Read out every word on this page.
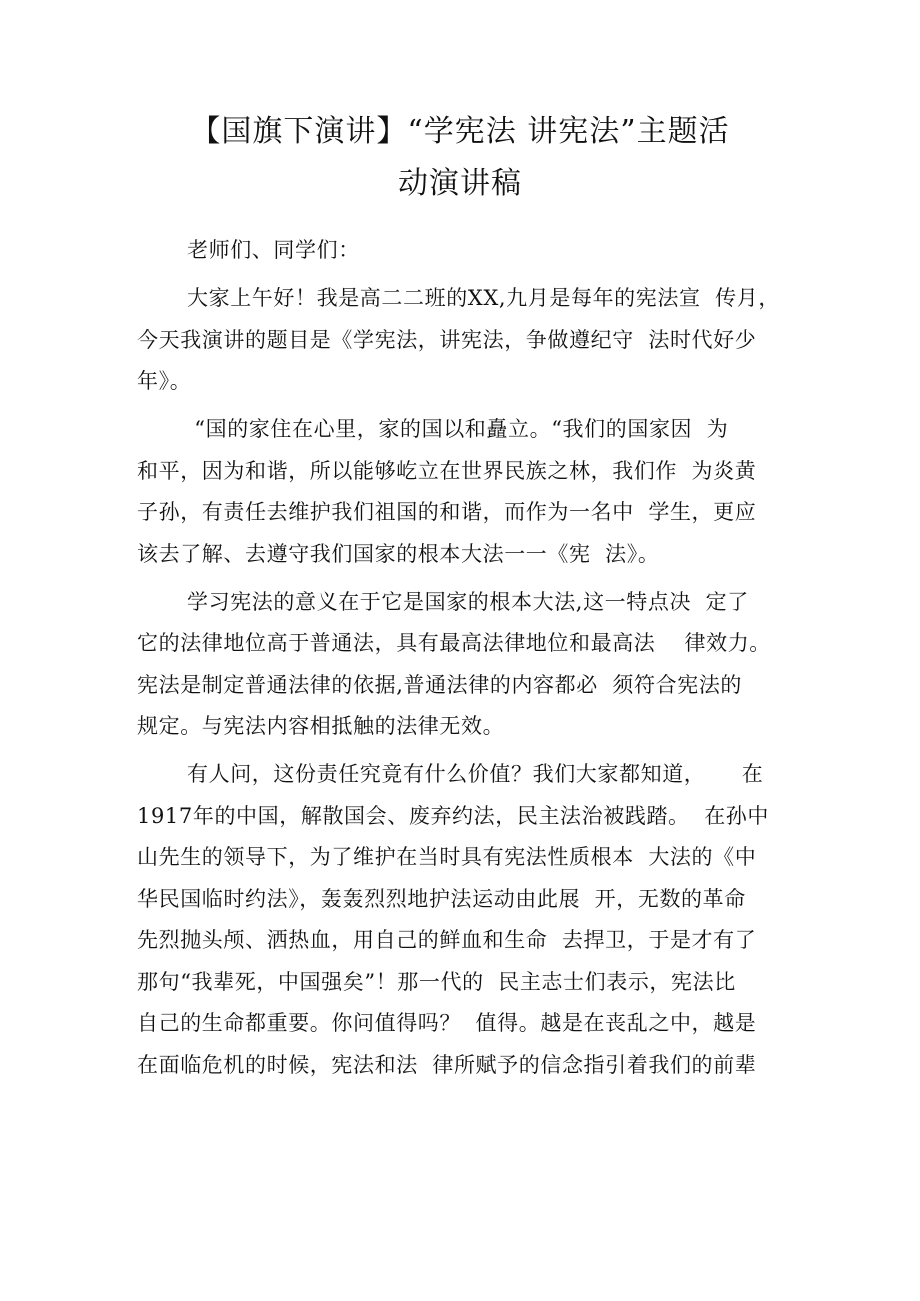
【国旗下演讲】“学宪法 讲宪法”主题活
动演讲稿

老师们、同学们：

大家上午好！我是高二二班的XX,九月是每年的宪法宣  传月，
今天我演讲的题目是《学宪法，讲宪法，争做遵纪守  法时代好少
年》。

“国的家住在心里，家的国以和矗立。“我们的国家因  为
和平，因为和谐，所以能够屹立在世界民族之林，我们作  为炎黄
子孙，有责任去维护我们祖国的和谐，而作为一名中  学生，更应
该去了解、去遵守我们国家的根本大法一一《宪  法》。

学习宪法的意义在于它是国家的根本大法,这一特点决  定了
它的法律地位高于普通法，具有最高法律地位和最高法    律效力。
宪法是制定普通法律的依据,普通法律的内容都必  须符合宪法的
规定。与宪法内容相抵触的法律无效。

有人问，这份责任究竟有什么价值？我们大家都知道，     在
1917年的中国，解散国会、废弃约法，民主法治被践踏。  在孙中
山先生的领导下，为了维护在当时具有宪法性质根本  大法的《中
华民国临时约法》，轰轰烈烈地护法运动由此展  开，无数的革命
先烈抛头颅、洒热血，用自己的鲜血和生命  去捍卫，于是才有了
那句“我辈死，中国强矣”！那一代的  民主志士们表示，宪法比
自己的生命都重要。你问值得吗？  值得。越是在丧乱之中，越是
在面临危机的时候，宪法和法  律所赋予的信念指引着我们的前辈
